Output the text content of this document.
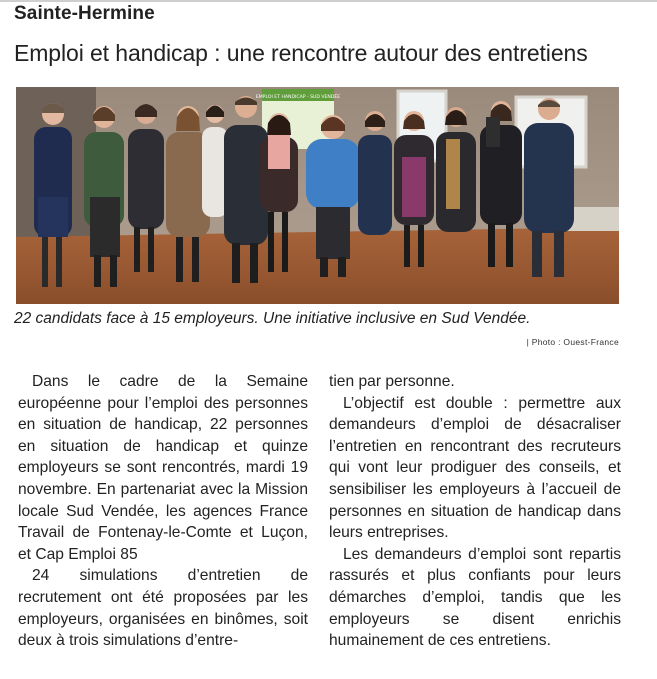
Sainte-Hermine
Emploi et handicap : une rencontre autour des entretiens
EMPLOI ET HANDICAP - SUD VENDÉE
22 candidats face à 15 employeurs. Une initiative inclusive en Sud Vendée.
| Photo : Ouest-France

Dans le cadre de la Semaine européenne pour l’emploi des personnes en situation de handicap, 22 personnes en situation de handicap et quinze employeurs se sont rencontrés, mardi 19 novembre. En partenariat avec la Mission locale Sud Vendée, les agences France Travail de Fontenay-le-Comte et Luçon, et Cap Emploi 85

24 simulations d’entretien de recrutement ont été proposées par les employeurs, organisées en binômes, soit deux à trois simulations d’entre-

tien par personne.

L’objectif est double : permettre aux demandeurs d’emploi de désacraliser l’entretien en rencontrant des recruteurs qui vont leur prodiguer des conseils, et sensibiliser les employeurs à l’accueil de personnes en situation de handicap dans leurs entreprises.

Les demandeurs d’emploi sont repartis rassurés et plus confiants pour leurs démarches d’emploi, tandis que les employeurs se disent enrichis humainement de ces entretiens.
